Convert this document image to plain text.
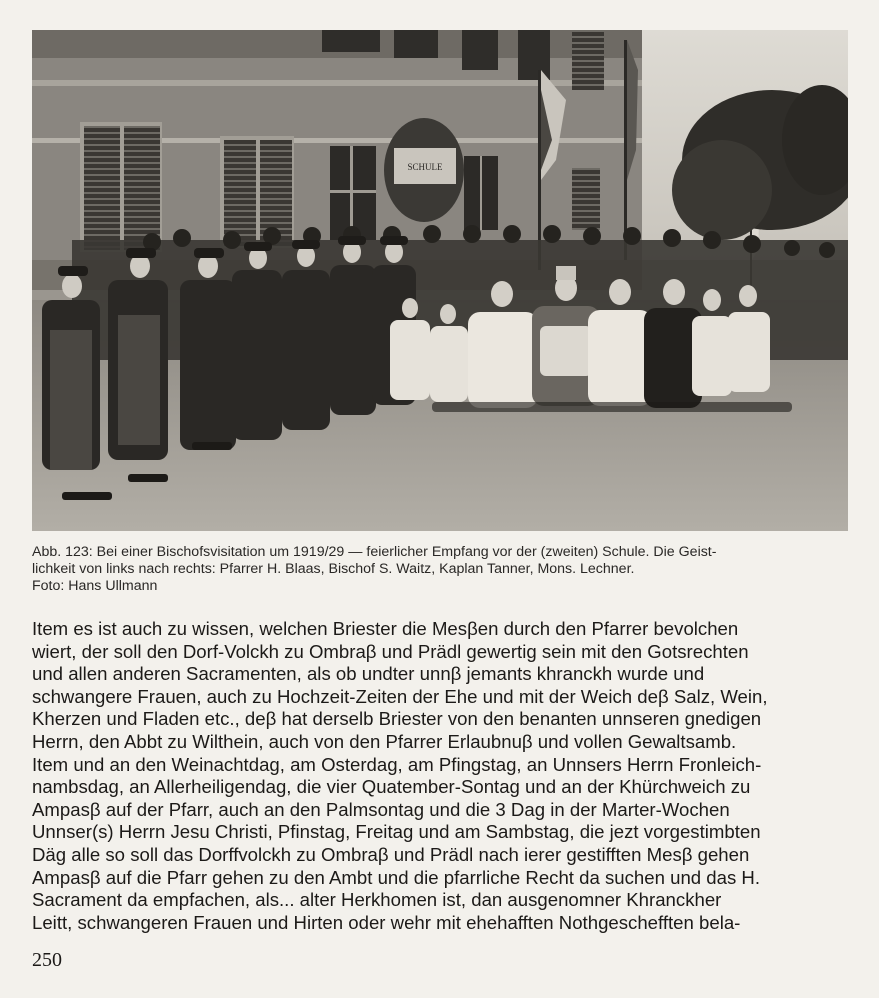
SCHULE
Abb. 123: Bei einer Bischofsvisitation um 1919/29 — feierlicher Empfang vor der (zweiten) Schule. Die Geist-
lichkeit von links nach rechts: Pfarrer H. Blaas, Bischof S. Waitz, Kaplan Tanner, Mons. Lechner.
Foto: Hans Ullmann
Item es ist auch zu wissen, welchen Briester die Mesβen durch den Pfarrer bevolchen
wiert, der soll den Dorf-Volckh zu Ombraβ und Prädl gewertig sein mit den Gotsrechten
und allen anderen Sacramenten, als ob undter unnβ jemants khranckh wurde und
schwangere Frauen, auch zu Hochzeit-Zeiten der Ehe und mit der Weich deβ Salz, Wein,
Kherzen und Fladen etc., deβ hat derselb Briester von den benanten unnseren gnedigen
Herrn, den Abbt zu Wilthein, auch von den Pfarrer Erlaubnuβ und vollen Gewaltsamb.
Item und an den Weinachtdag, am Osterdag, am Pfingstag, an Unnsers Herrn Fronleich-
nambsdag, an Allerheiligendag, die vier Quatember-Sontag und an der Khürchweich zu
Ampasβ auf der Pfarr, auch an den Palmsontag und die 3 Dag in der Marter-Wochen
Unnser(s) Herrn Jesu Christi, Pfinstag, Freitag und am Sambstag, die jezt vorgestimbten
Däg alle so soll das Dorffvolckh zu Ombraβ und Prädl nach ierer gestifften Mesβ gehen
Ampasβ auf die Pfarr gehen zu den Ambt und die pfarrliche Recht da suchen und das H.
Sacrament da empfachen, als... alter Herkhomen ist, dan ausgenomner Khranckher
Leitt, schwangeren Frauen und Hirten oder wehr mit ehehafften Nothgeschefften bela-
250
